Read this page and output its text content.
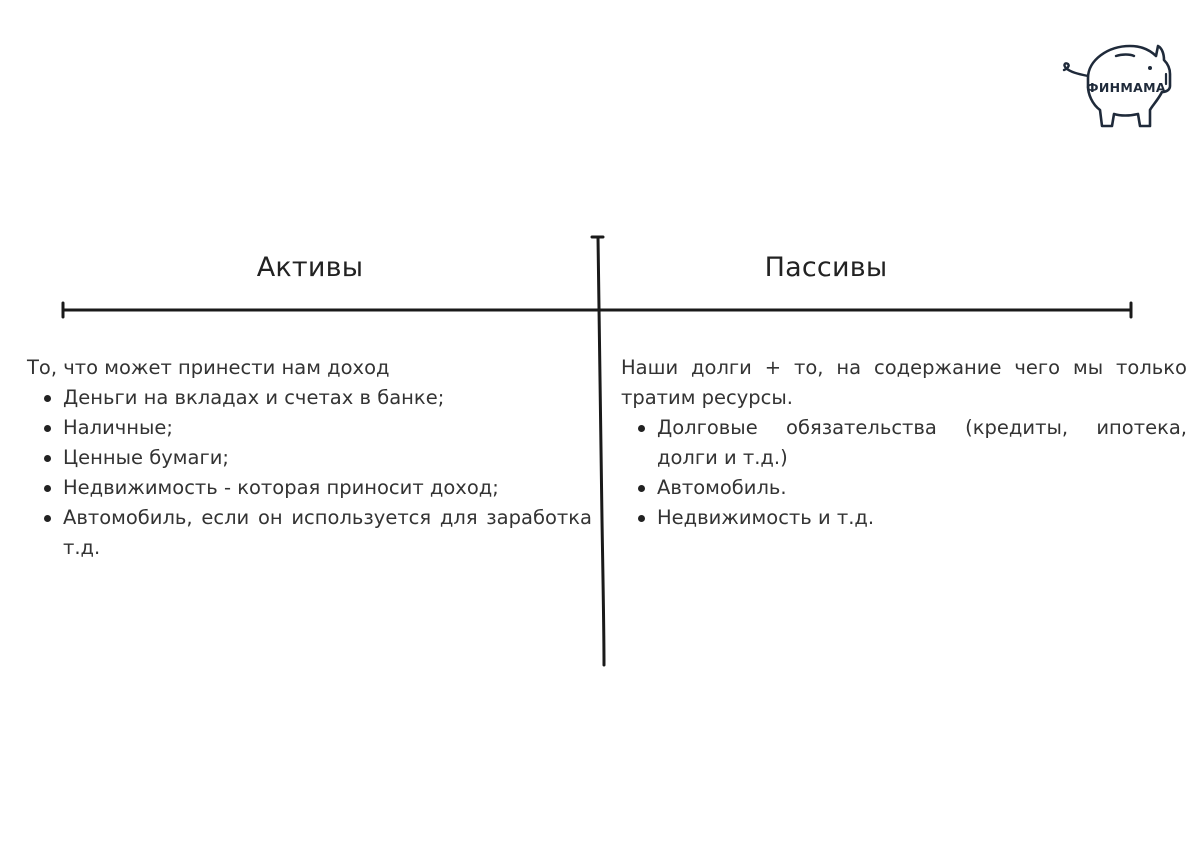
ФИНМАМА
Активы	Пассивы

То, что может принести нам доход

Деньги на вкладах и счетах в банке;
Наличные;
Ценные бумаги;
Недвижимость - которая приносит доход;
Автомобиль, если он используется для заработка т.д.

Наши долги + то, на содержание чего мы только тратим ресурсы.

Долговые обязательства (кредиты, ипотека, долги и т.д.)
Автомобиль.
Недвижимость и т.д.
